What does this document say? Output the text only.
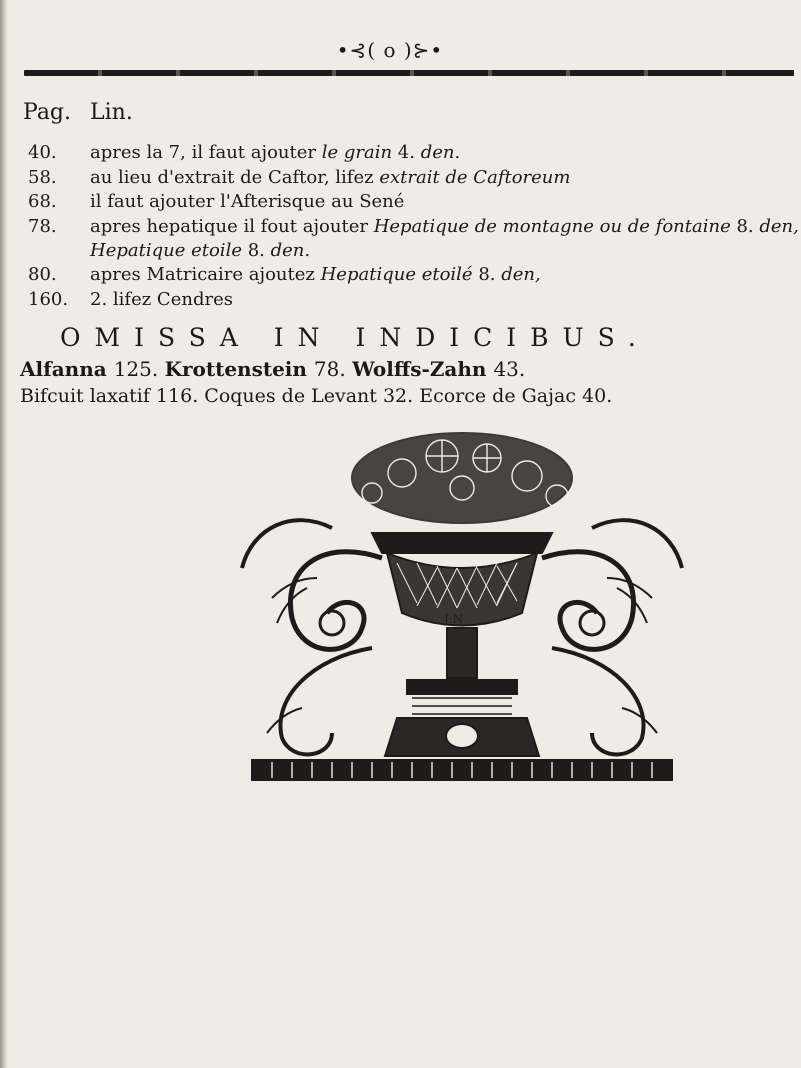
•⊰( o )⊱•
Pag. Lin.
40.	apres la 7, il faut ajouter le grain 4. den.
58.	au lieu d'extrait de Caftor, lifez extrait de Caftoreum
68.	il faut ajouter l'Afterisque au Sené
78.	apres hepatique il fout ajouter Hepatique de montagne ou de fontaine 8. den,
Hepatique etoile 8. den.
80.	apres Matricaire ajoutez Hepatique etoilé 8. den,
160.	2. lifez Cendres
OMISSA IN INDICIBUS.
Alfanna 125. Krottenstein 78. Wolffs-Zahn 43.
Bifcuit laxatif 116. Coques de Levant 32. Ecorce de Gajac 40.
J·N
